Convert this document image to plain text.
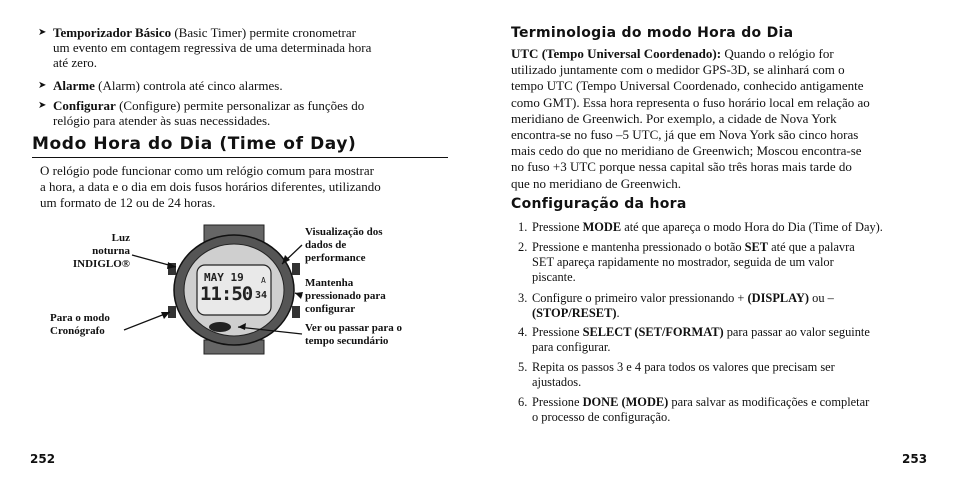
➤ Temporizador Básico (Basic Timer) permite cronometrar
um evento em contagem regressiva de uma determinada hora
até zero.
➤ Alarme (Alarm) controla até cinco alarmes.
➤ Configurar (Configure) permite personalizar as funções do
relógio para atender às suas necessidades.
Modo Hora do Dia (Time of Day)
O relógio pode funcionar como um relógio comum para mostrar
a hora, a data e o dia em dois fusos horários diferentes, utilizando
um formato de 12 ou de 24 horas.
MAY 19
11:50 34
A
Luz
noturna
INDIGLO®
Para o modo
Cronógrafo
Visualização dos
dados de
performance
Mantenha
pressionado para
configurar
Ver ou passar para o
tempo secundário
252
Terminologia do modo Hora do Dia
UTC (Tempo Universal Coordenado): Quando o relógio for
utilizado juntamente com o medidor GPS-3D, se alinhará com o
tempo UTC (Tempo Universal Coordenado, conhecido antigamente
como GMT). Essa hora representa o fuso horário local em relação ao
meridiano de Greenwich. Por exemplo, a cidade de Nova York
encontra-se no fuso –5 UTC, já que em Nova York são cinco horas
mais cedo do que no meridiano de Greenwich; Moscou encontra-se
no fuso +3 UTC porque nessa capital são três horas mais tarde do
que no meridiano de Greenwich.
Configuração da hora
1. Pressione MODE até que apareça o modo Hora do Dia (Time of Day).
2. Pressione e mantenha pressionado o botão SET até que a palavra
SET apareça rapidamente no mostrador, seguida de um valor
piscante.
3. Configure o primeiro valor pressionando + (DISPLAY) ou –
(STOP/RESET).
4. Pressione SELECT (SET/FORMAT) para passar ao valor seguinte
para configurar.
5. Repita os passos 3 e 4 para todos os valores que precisam ser
ajustados.
6. Pressione DONE (MODE) para salvar as modificações e completar
o processo de configuração.
253
